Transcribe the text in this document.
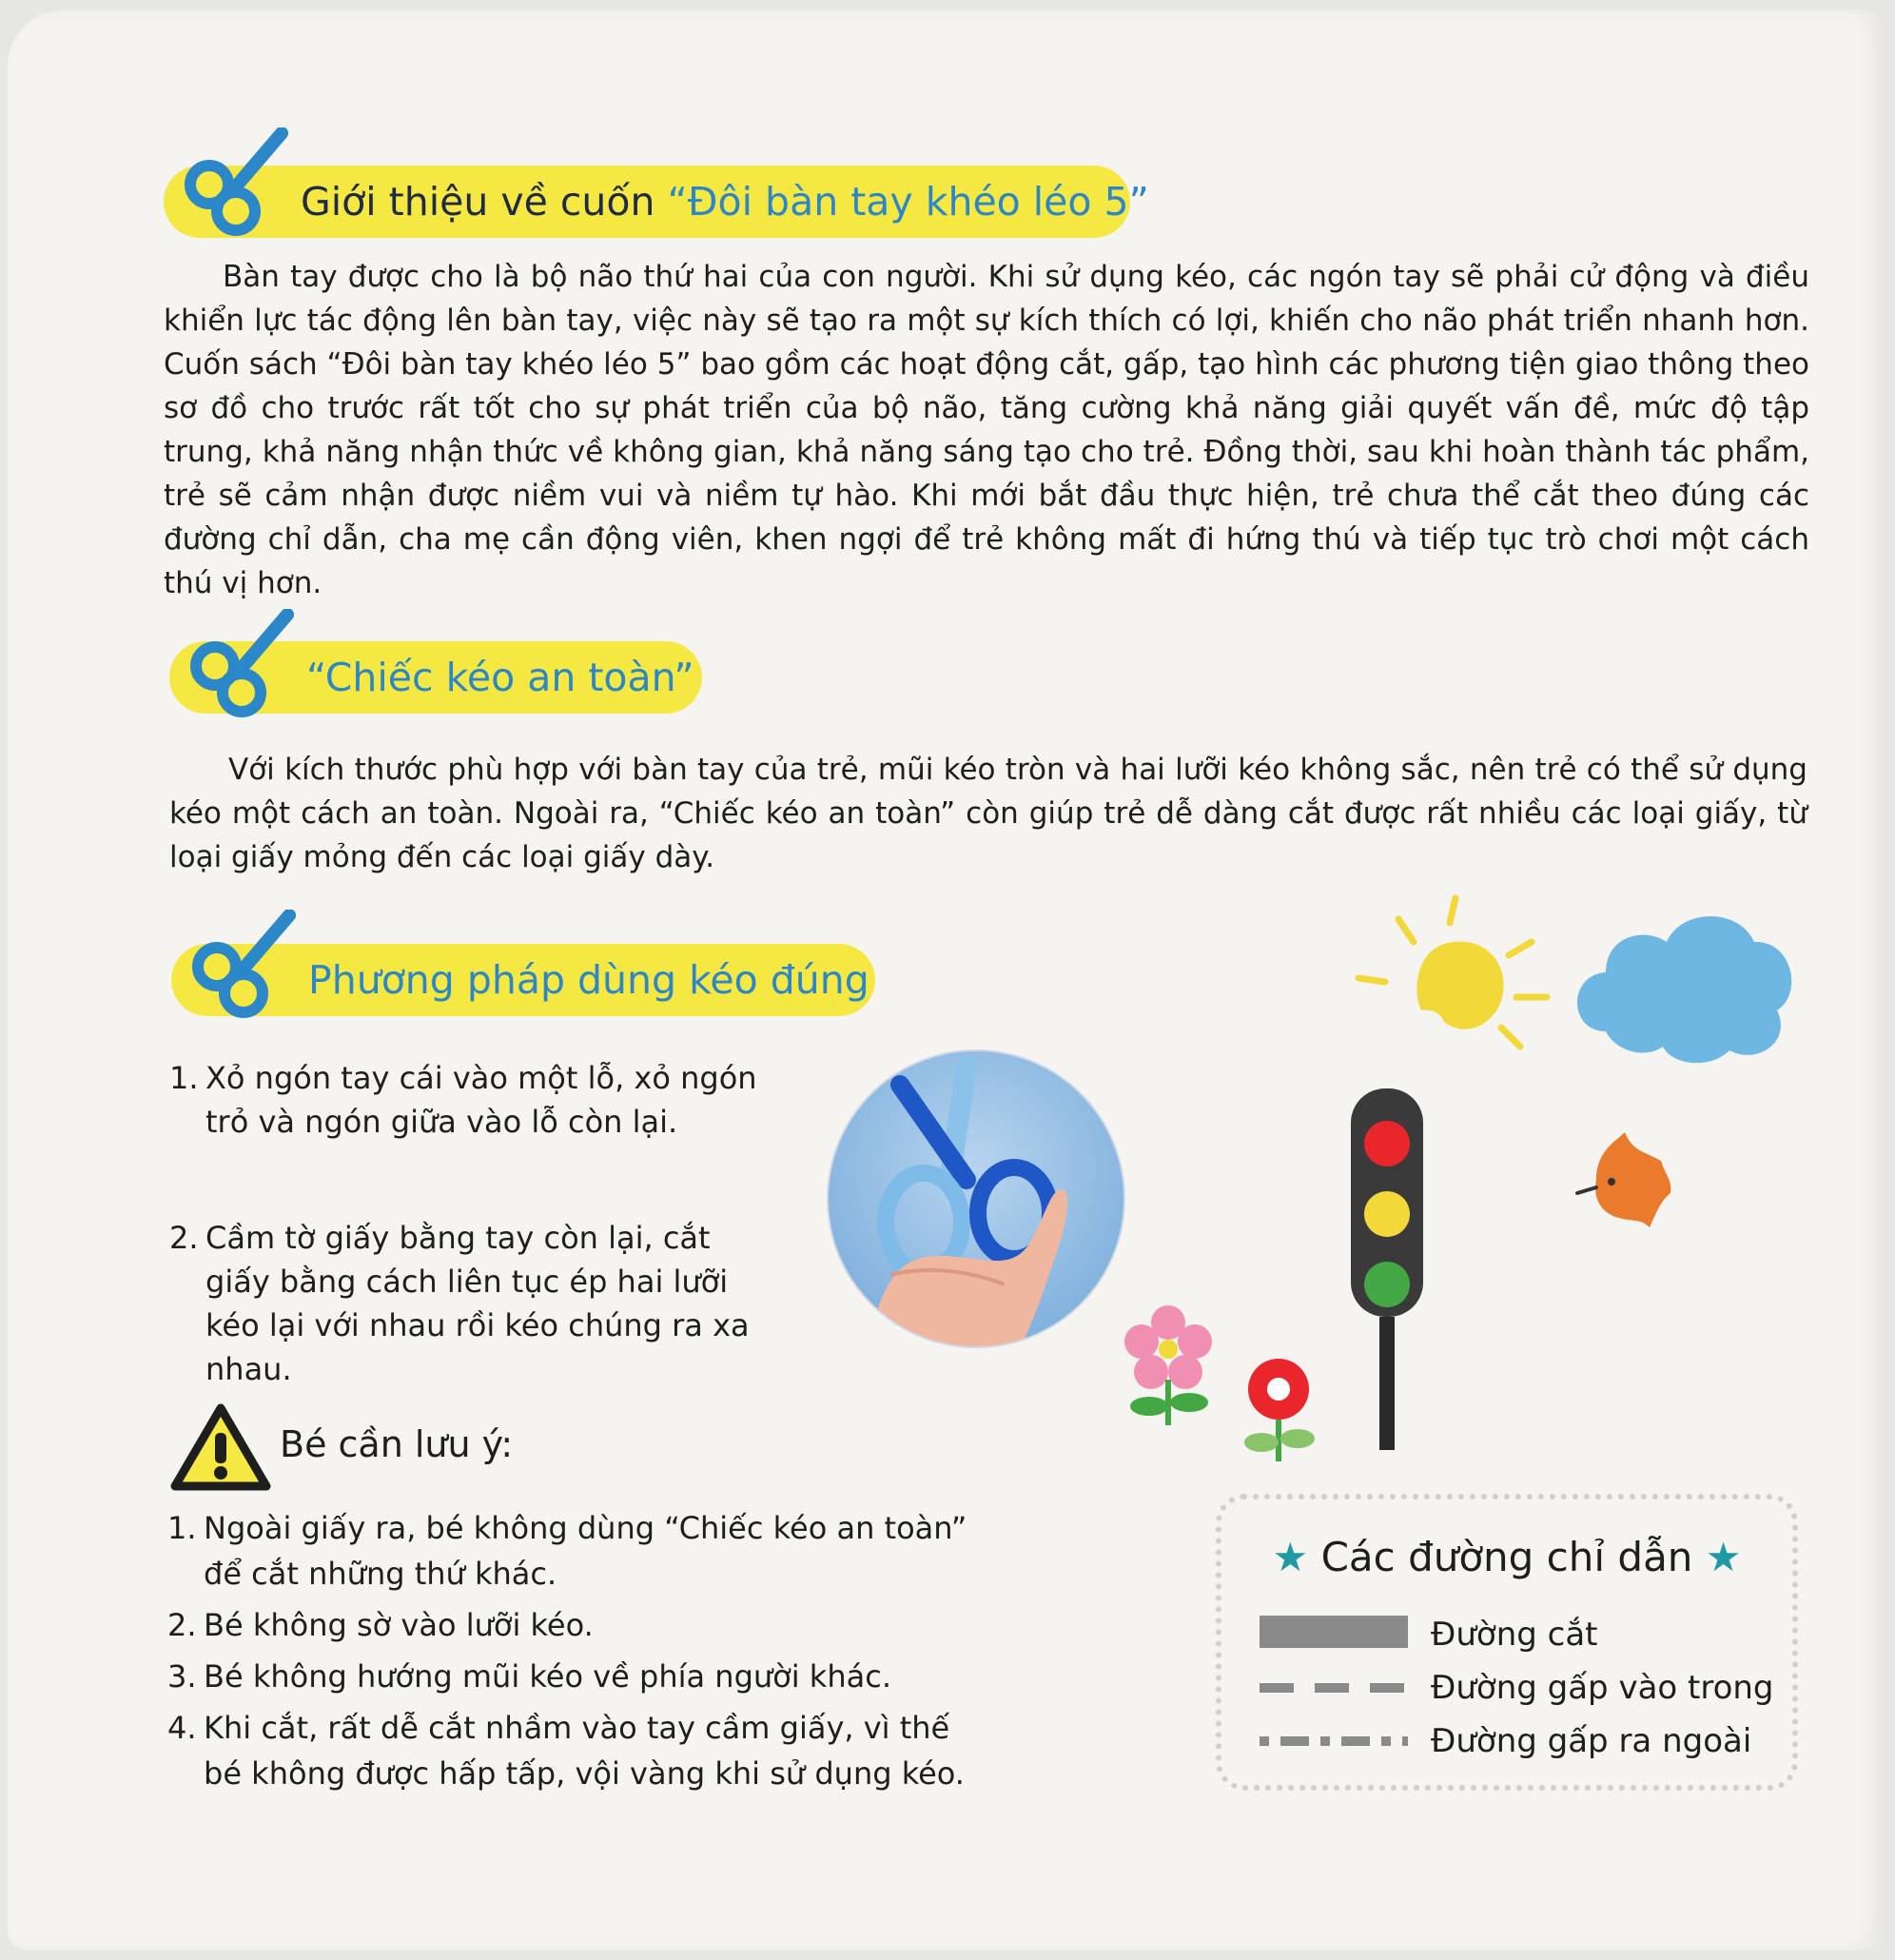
Giới thiệu về cuốn “Đôi bàn tay khéo léo 5”

Bàn tay được cho là bộ não thứ hai của con người. Khi sử dụng kéo, các ngón tay sẽ phải cử động và điều khiển lực tác động lên bàn tay, việc này sẽ tạo ra một sự kích thích có lợi, khiến cho não phát triển nhanh hơn. Cuốn sách “Đôi bàn tay khéo léo 5” bao gồm các hoạt động cắt, gấp, tạo hình các phương tiện giao thông theo sơ đồ cho trước rất tốt cho sự phát triển của bộ não, tăng cường khả năng giải quyết vấn đề, mức độ tập trung, khả năng nhận thức về không gian, khả năng sáng tạo cho trẻ. Đồng thời, sau khi hoàn thành tác phẩm, trẻ sẽ cảm nhận được niềm vui và niềm tự hào. Khi mới bắt đầu thực hiện, trẻ chưa thể cắt theo đúng các đường chỉ dẫn, cha mẹ cần động viên, khen ngợi để trẻ không mất đi hứng thú và tiếp tục trò chơi một cách thú vị hơn.

“Chiếc kéo an toàn”

Với kích thước phù hợp với bàn tay của trẻ, mũi kéo tròn và hai lưỡi kéo không sắc, nên trẻ có thể sử dụng kéo một cách an toàn. Ngoài ra, “Chiếc kéo an toàn” còn giúp trẻ dễ dàng cắt được rất nhiều các loại giấy, từ loại giấy mỏng đến các loại giấy dày.

Phương pháp dùng kéo đúng
1. Xỏ ngón tay cái vào một lỗ, xỏ ngón trỏ và ngón giữa vào lỗ còn lại.
2. Cầm tờ giấy bằng tay còn lại, cắt giấy bằng cách liên tục ép hai lưỡi kéo lại với nhau rồi kéo chúng ra xa nhau.
Bé cần lưu ý:
1. Ngoài giấy ra, bé không dùng “Chiếc kéo an toàn” để cắt những thứ khác.
2. Bé không sờ vào lưỡi kéo.
3. Bé không hướng mũi kéo về phía người khác.
4. Khi cắt, rất dễ cắt nhầm vào tay cầm giấy, vì thế bé không được hấp tấp, vội vàng khi sử dụng kéo.
★ Các đường chỉ dẫn ★
Đường cắt
Đường gấp vào trong
Đường gấp ra ngoài
